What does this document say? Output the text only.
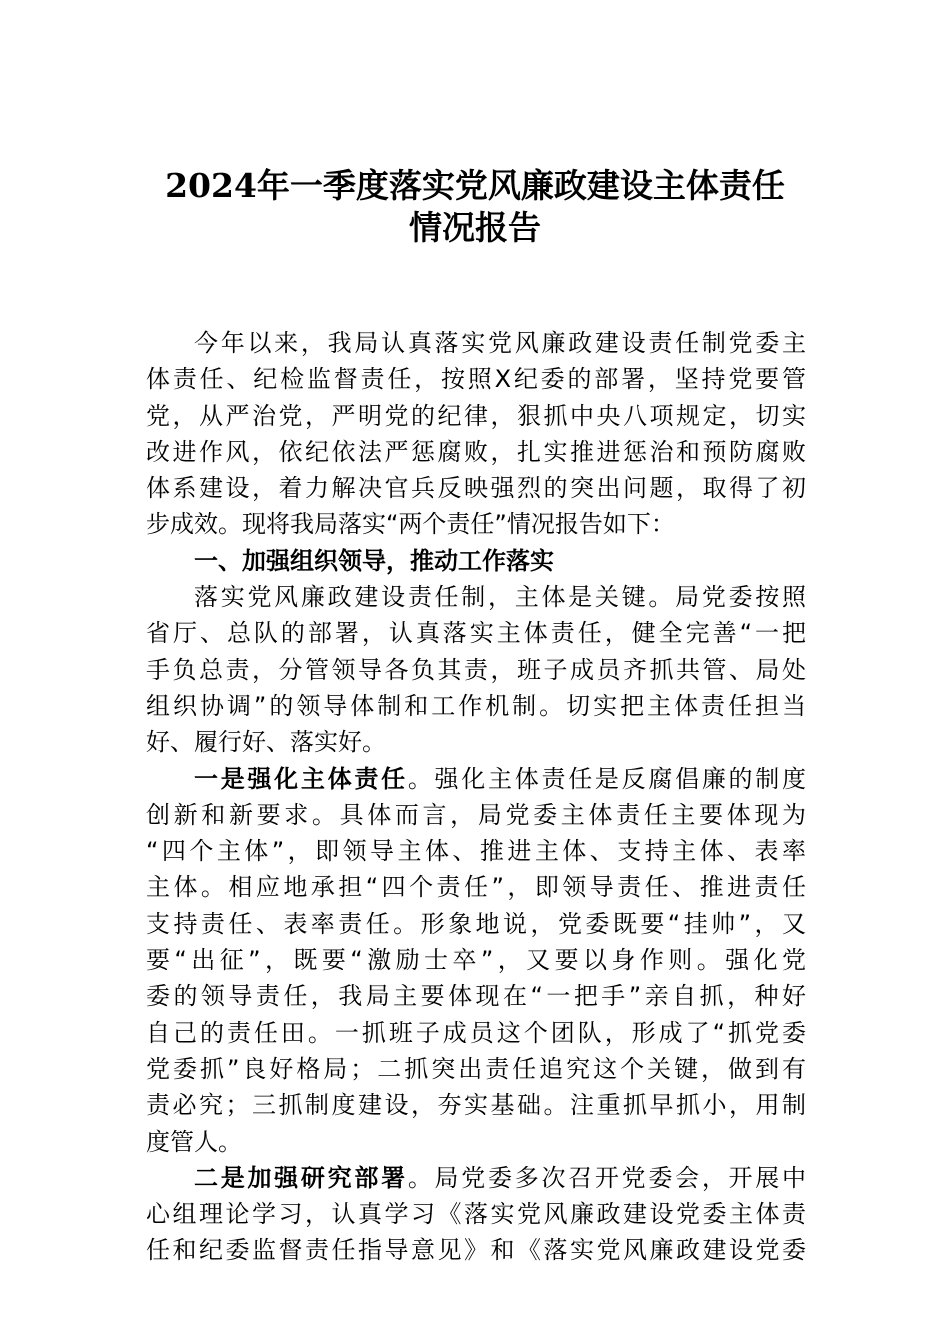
2024年一季度落实党风廉政建设主体责任
情况报告
今年以来，我局认真落实党风廉政建设责任制党委主
体责任、纪检监督责任，按照X纪委的部署，坚持党要管
党，从严治党，严明党的纪律，狠抓中央八项规定，切实
改进作风，依纪依法严惩腐败，扎实推进惩治和预防腐败
体系建设，着力解决官兵反映强烈的突出问题，取得了初
步成效。现将我局落实“两个责任”情况报告如下：
一、加强组织领导，推动工作落实
落实党风廉政建设责任制，主体是关键。局党委按照
省厅、总队的部署，认真落实主体责任，健全完善“一把
手负总责，分管领导各负其责，班子成员齐抓共管、局处
组织协调”的领导体制和工作机制。切实把主体责任担当
好、履行好、落实好。
一是强化主体责任。强化主体责任是反腐倡廉的制度
创新和新要求。具体而言，局党委主体责任主要体现为
“四个主体”，即领导主体、推进主体、支持主体、表率
主体。相应地承担“四个责任”，即领导责任、推进责任
支持责任、表率责任。形象地说，党委既要“挂帅”，又
要“出征”，既要“激励士卒”，又要以身作则。强化党
委的领导责任，我局主要体现在“一把手”亲自抓，种好
自己的责任田。一抓班子成员这个团队，形成了“抓党委
党委抓”良好格局；二抓突出责任追究这个关键，做到有
责必究；三抓制度建设，夯实基础。注重抓早抓小，用制
度管人。
二是加强研究部署。局党委多次召开党委会，开展中
心组理论学习，认真学习《落实党风廉政建设党委主体责
任和纪委监督责任指导意见》和《落实党风廉政建设党委
